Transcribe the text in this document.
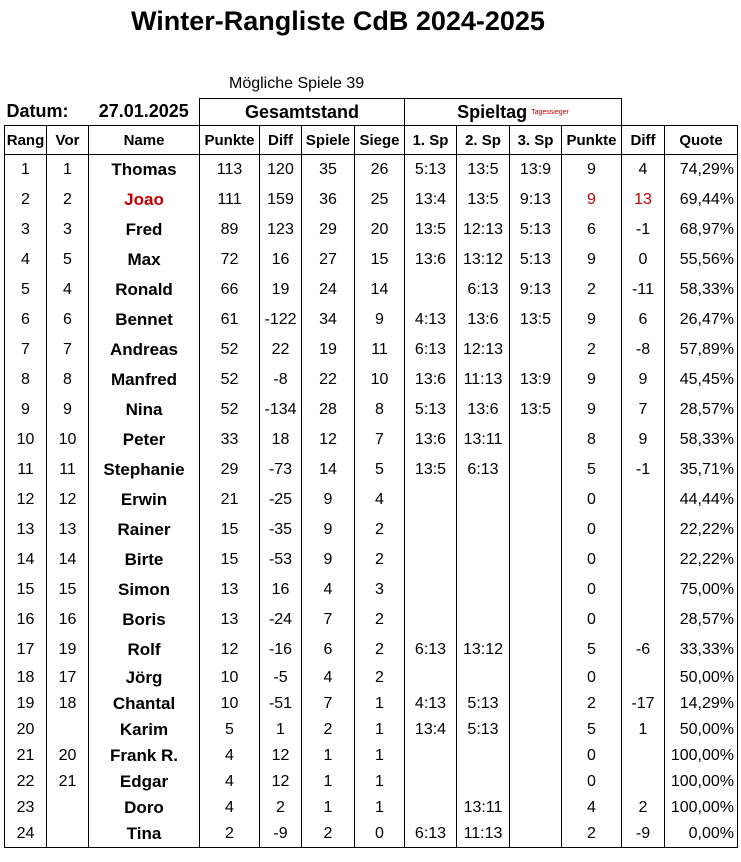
Winter-Rangliste CdB 2024-2025
Mögliche Spiele 39
Datum:		27.01.2025	Gesamtstand				Spieltag Tagessieger					
Rang	Vor	Name	Punkte	Diff	Spiele	Siege	1. Sp	2. Sp	3. Sp	Punkte	Diff	Quote
1	1	Thomas	113	120	35	26	5:13	13:5	13:9	9	4	74,29%
2	2	Joao	111	159	36	25	13:4	13:5	9:13	9	13	69,44%
3	3	Fred	89	123	29	20	13:5	12:13	5:13	6	-1	68,97%
4	5	Max	72	16	27	15	13:6	13:12	5:13	9	0	55,56%
5	4	Ronald	66	19	24	14		6:13	9:13	2	-11	58,33%
6	6	Bennet	61	-122	34	9	4:13	13:6	13:5	9	6	26,47%
7	7	Andreas	52	22	19	11	6:13	12:13		2	-8	57,89%
8	8	Manfred	52	-8	22	10	13:6	11:13	13:9	9	9	45,45%
9	9	Nina	52	-134	28	8	5:13	13:6	13:5	9	7	28,57%
10	10	Peter	33	18	12	7	13:6	13:11		8	9	58,33%
11	11	Stephanie	29	-73	14	5	13:5	6:13		5	-1	35,71%
12	12	Erwin	21	-25	9	4				0		44,44%
13	13	Rainer	15	-35	9	2				0		22,22%
14	14	Birte	15	-53	9	2				0		22,22%
15	15	Simon	13	16	4	3				0		75,00%
16	16	Boris	13	-24	7	2				0		28,57%
17	19	Rolf	12	-16	6	2	6:13	13:12		5	-6	33,33%
18	17	Jörg	10	-5	4	2				0		50,00%
19	18	Chantal	10	-51	7	1	4:13	5:13		2	-17	14,29%
20		Karim	5	1	2	1	13:4	5:13		5	1	50,00%
21	20	Frank R.	4	12	1	1				0		100,00%
22	21	Edgar	4	12	1	1				0		100,00%
23		Doro	4	2	1	1		13:11		4	2	100,00%
24		Tina	2	-9	2	0	6:13	11:13		2	-9	0,00%
